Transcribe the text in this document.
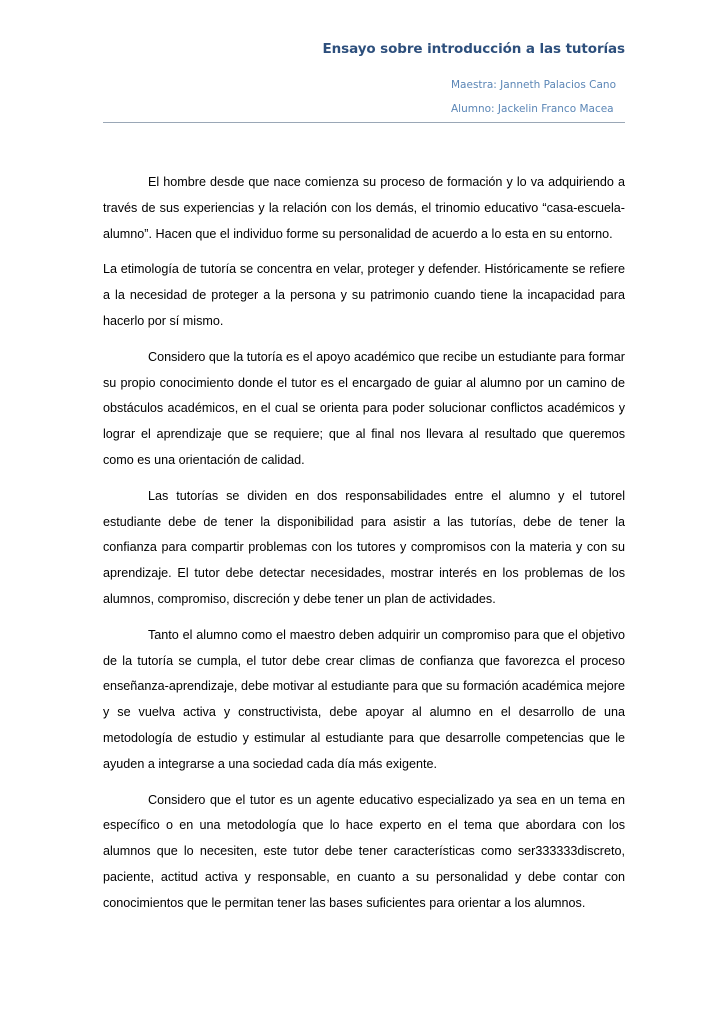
Ensayo sobre introducción a las tutorías

Maestra: Janneth Palacios Cano

Alumno: Jackelin Franco Macea

El hombre desde que nace comienza su proceso de formación y lo va adquiriendo a través de sus experiencias y la relación con los demás, el trinomio educativo “casa-escuela-alumno”. Hacen que el individuo forme su personalidad de acuerdo a lo esta en su entorno.

La etimología de tutoría se concentra en velar, proteger y defender. Históricamente se refiere a la necesidad de proteger a la persona y su patrimonio cuando tiene la incapacidad para hacerlo por sí mismo.

Considero que la tutoría es el apoyo académico que recibe un estudiante para formar su propio conocimiento donde el tutor es el encargado de guiar al alumno por un camino de obstáculos académicos, en el cual se orienta para poder solucionar conflictos académicos y lograr el aprendizaje que se requiere; que al final nos llevara al resultado que queremos como es una orientación de calidad.

Las tutorías se dividen en dos responsabilidades entre el alumno y el tutorel estudiante debe de tener la disponibilidad para asistir a las tutorías, debe de tener la confianza para compartir problemas con los tutores y compromisos con la materia y con su aprendizaje. El tutor debe detectar necesidades, mostrar interés en los problemas de los alumnos, compromiso, discreción y debe tener un plan de actividades.

Tanto el alumno como el maestro deben adquirir un compromiso para que el objetivo de la tutoría se cumpla, el tutor debe crear climas de confianza que favorezca el proceso enseñanza-aprendizaje, debe motivar al estudiante para que su formación académica mejore y se vuelva activa y constructivista, debe apoyar al alumno en el desarrollo de una metodología de estudio y estimular al estudiante para que desarrolle competencias que le ayuden a integrarse a una sociedad cada día más exigente.

Considero que el tutor es un agente educativo especializado ya sea en un tema en específico o en una metodología que lo hace experto en el tema que abordara con los alumnos que lo necesiten, este tutor debe tener características como ser333333discreto, paciente, actitud activa y responsable, en cuanto a su personalidad y debe contar con conocimientos que le permitan tener las bases suficientes para orientar a los alumnos.
